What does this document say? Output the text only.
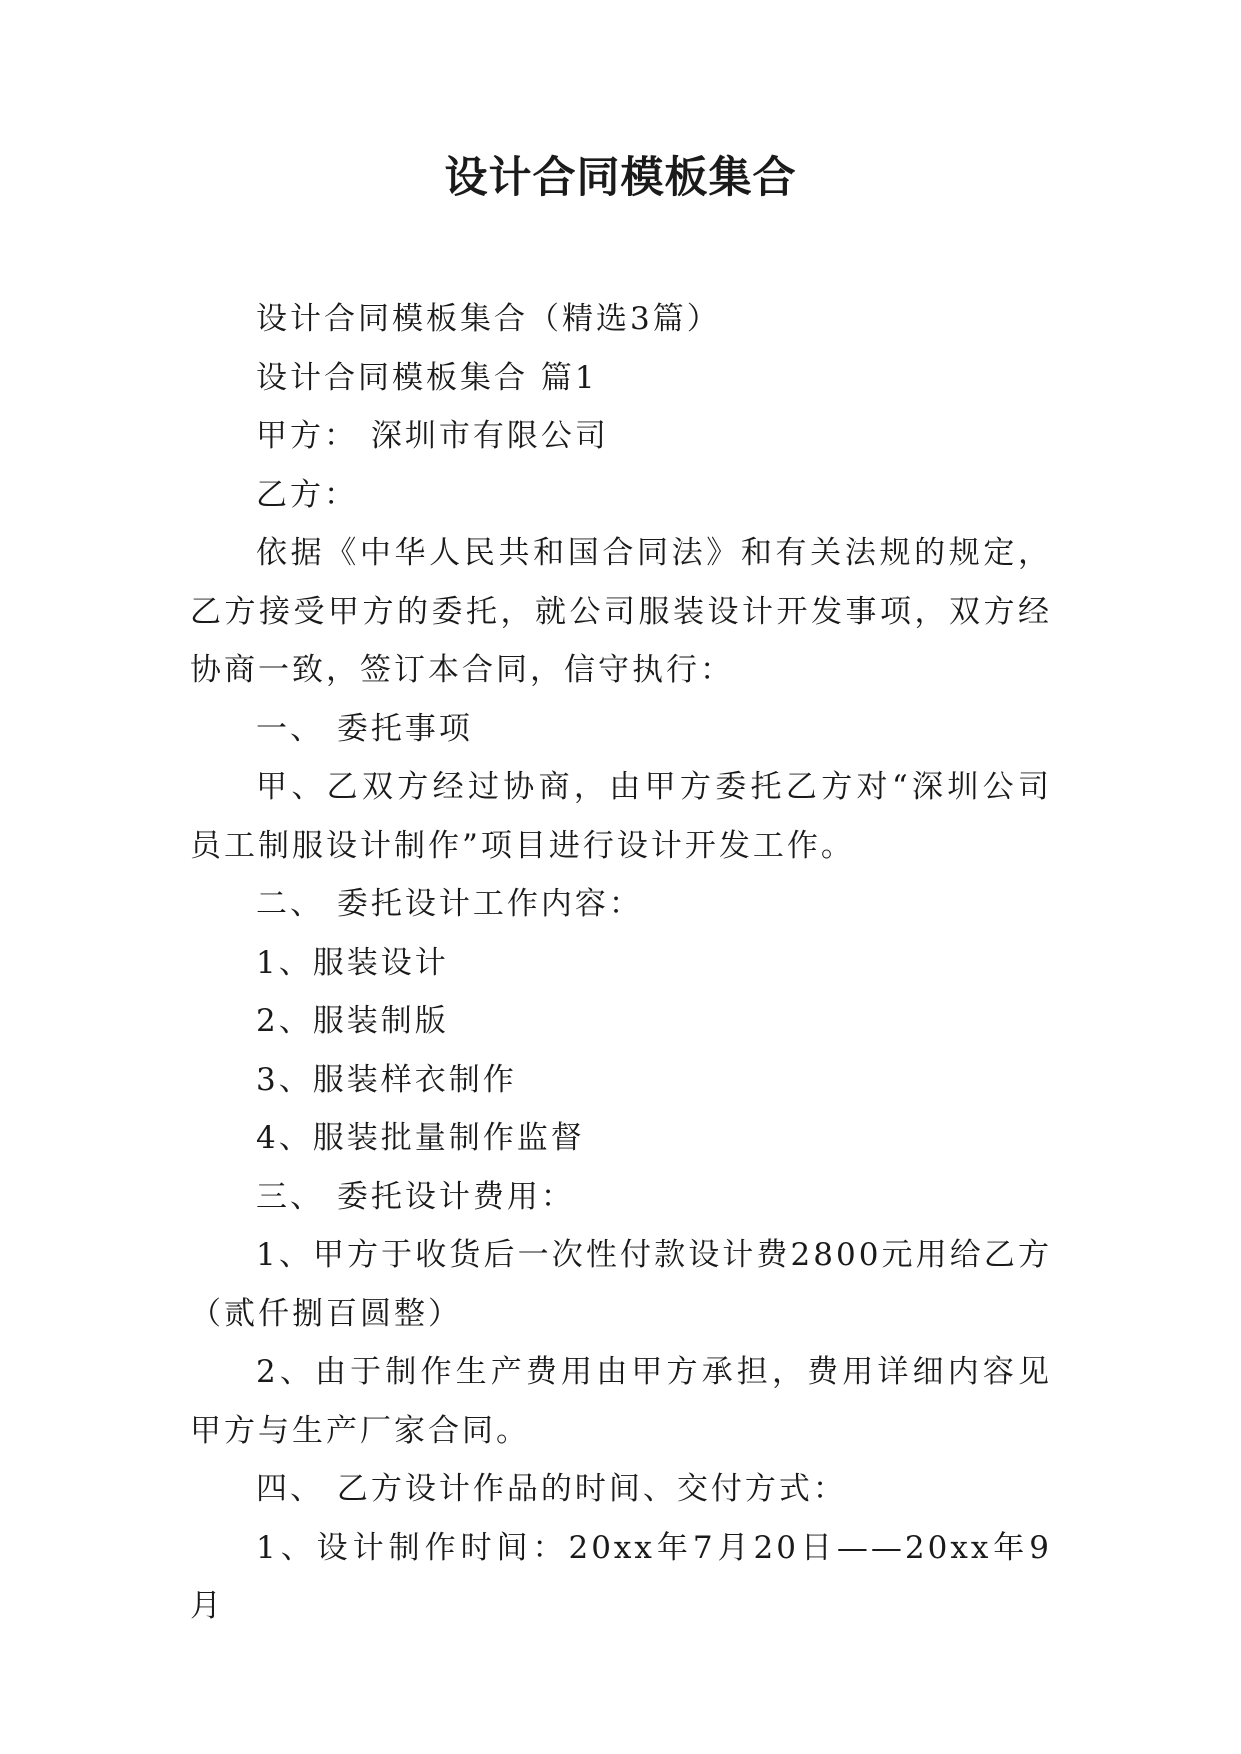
设计合同模板集合

设计合同模板集合（精选3篇）

设计合同模板集合 篇1

甲方： 深圳市有限公司

乙方：

依据《中华人民共和国合同法》和有关法规的规定，乙方接受甲方的委托，就公司服装设计开发事项，双方经协商一致，签订本合同，信守执行：

一、 委托事项

甲、乙双方经过协商，由甲方委托乙方对“深圳公司员工制服设计制作”项目进行设计开发工作。

二、 委托设计工作内容：

1、服装设计

2、服装制版

3、服装样衣制作

4、服装批量制作监督

三、 委托设计费用：

1、甲方于收货后一次性付款设计费2800元用给乙方（贰仟捌百圆整）

2、由于制作生产费用由甲方承担，费用详细内容见甲方与生产厂家合同。

四、 乙方设计作品的时间、交付方式：

1、设计制作时间：20xx年7月20日——20xx年9月
